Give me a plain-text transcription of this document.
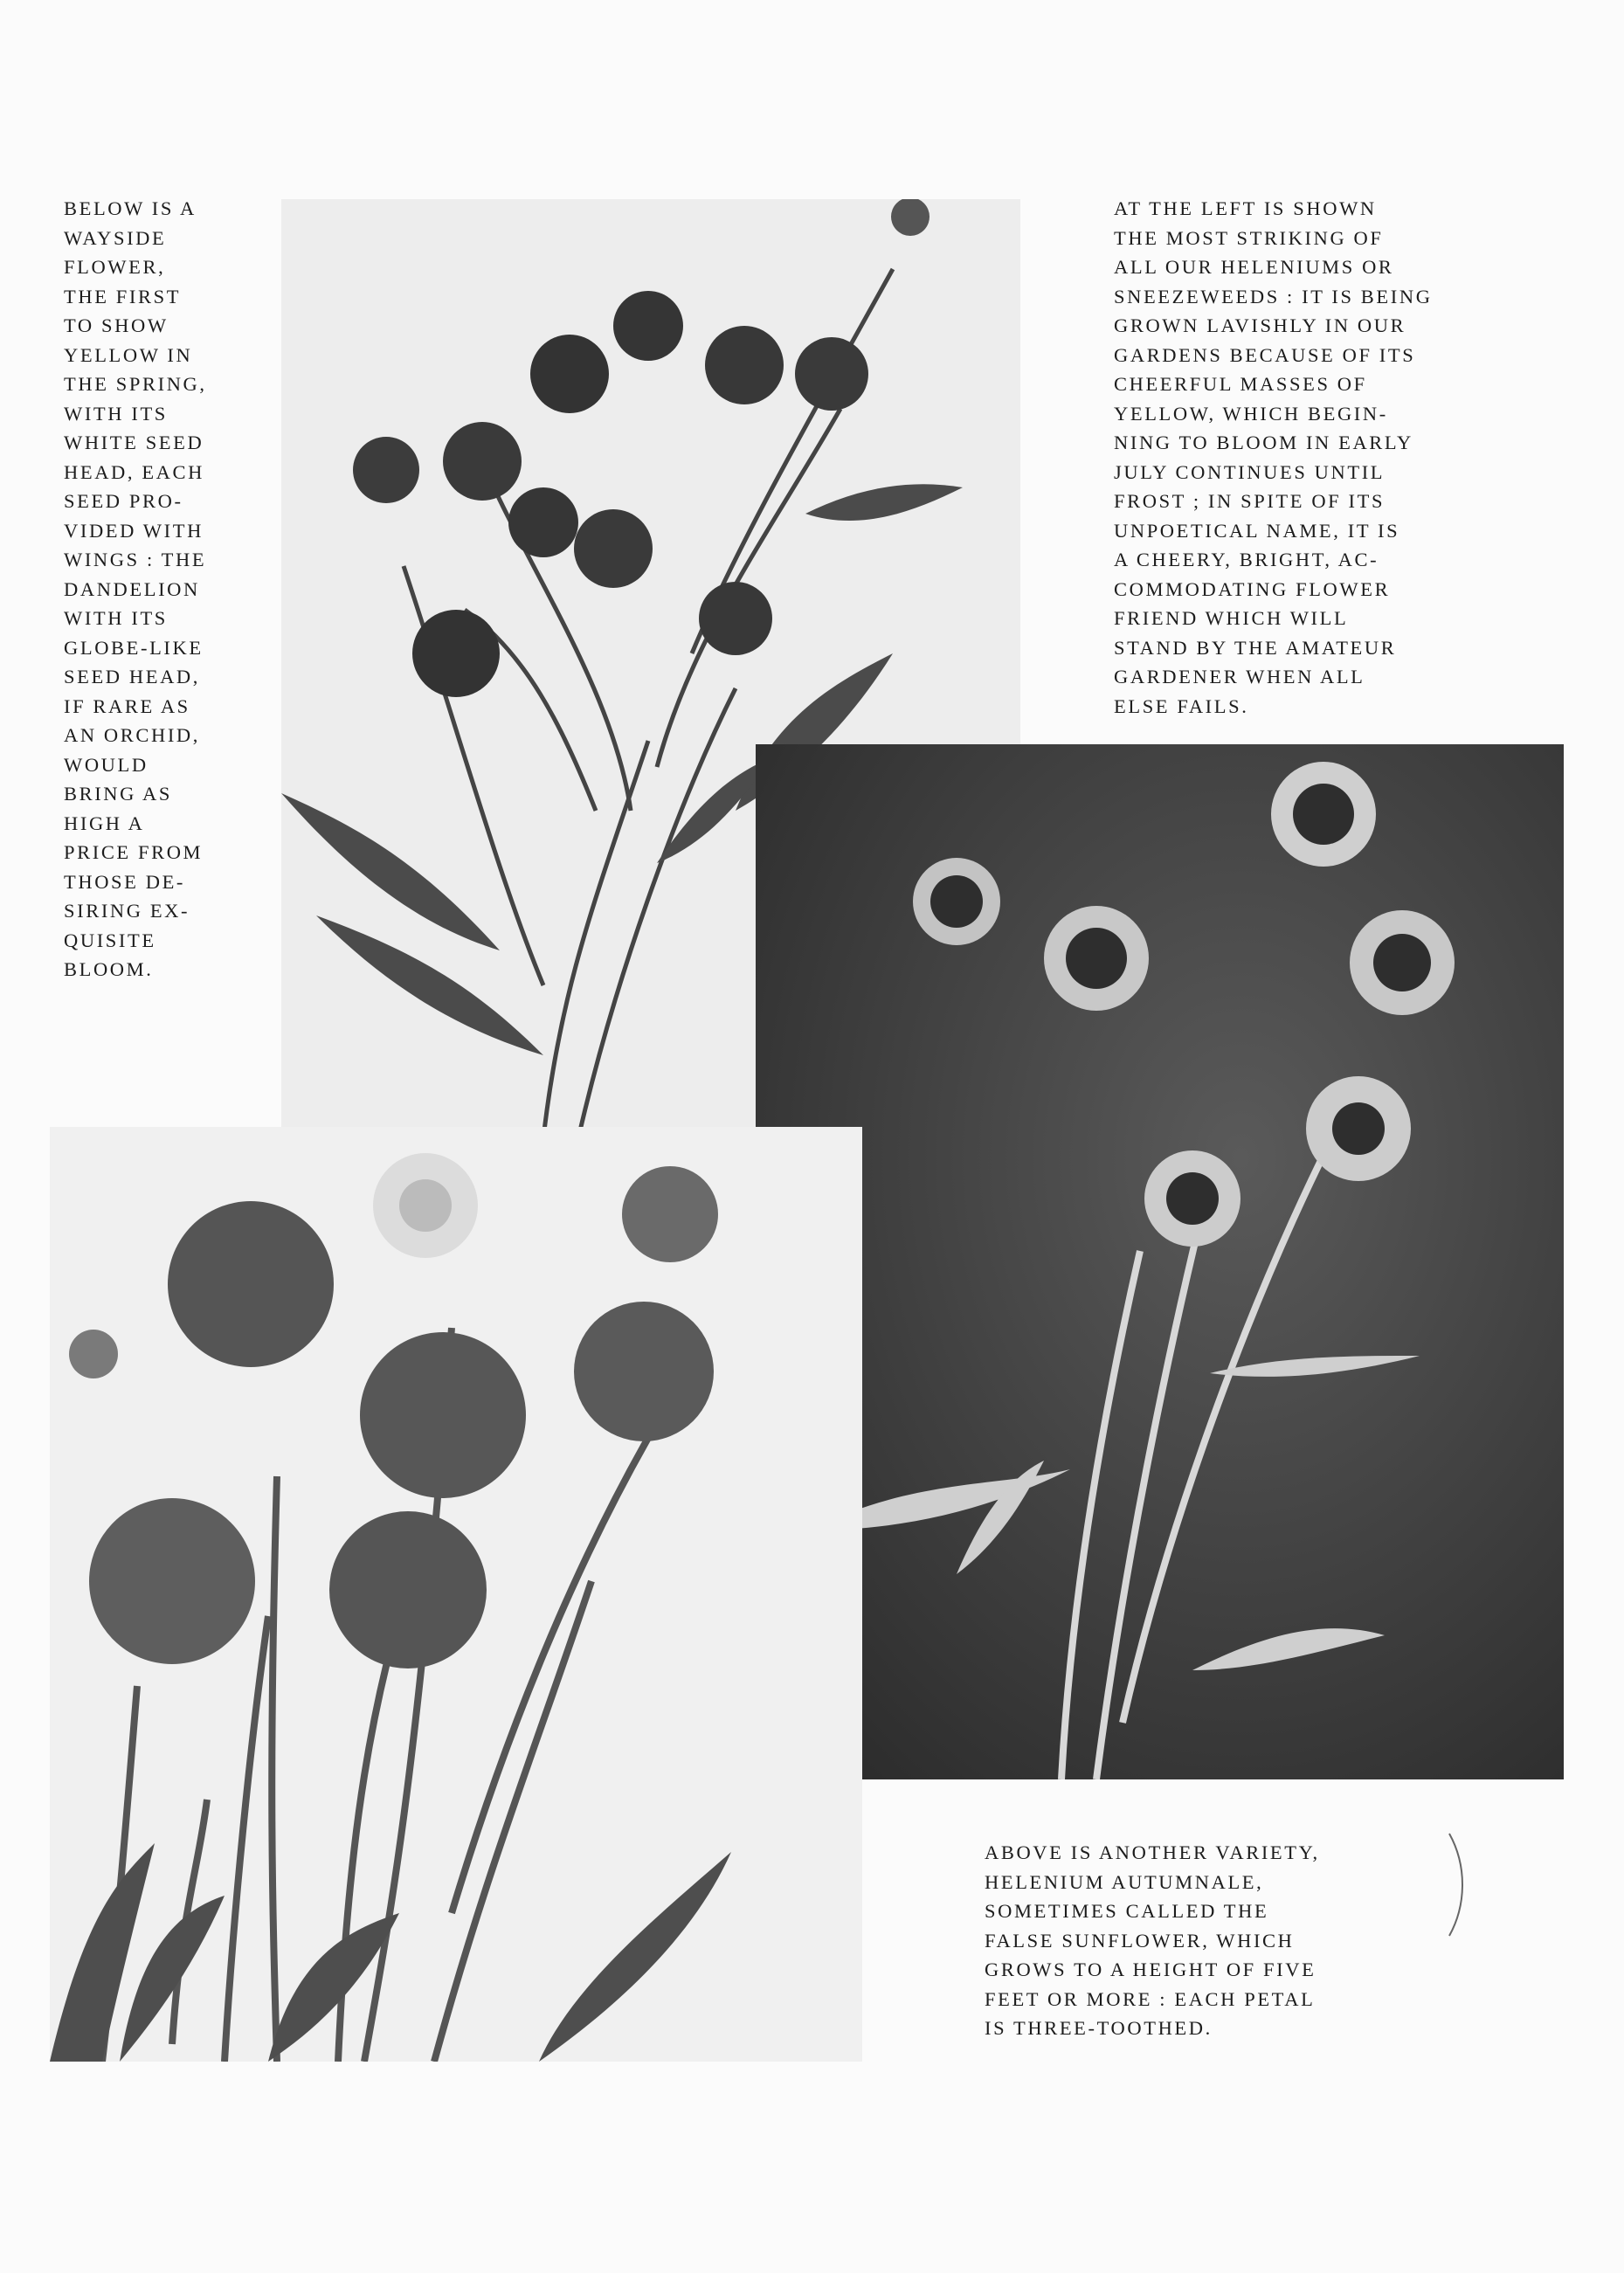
BELOW IS A
WAYSIDE
FLOWER,
THE FIRST
TO SHOW
YELLOW IN
THE SPRING,
WITH ITS
WHITE SEED
HEAD, EACH
SEED PRO-
VIDED WITH
WINGS : THE
DANDELION
WITH ITS
GLOBE-LIKE
SEED HEAD,
IF RARE AS
AN ORCHID,
WOULD
BRING AS
HIGH A
PRICE FROM
THOSE DE-
SIRING EX-
QUISITE
BLOOM.
AT THE LEFT IS SHOWN
THE MOST STRIKING OF
ALL OUR HELENIUMS OR
SNEEZEWEEDS : IT IS BEING
GROWN LAVISHLY IN OUR
GARDENS BECAUSE OF ITS
CHEERFUL MASSES OF
YELLOW, WHICH BEGIN-
NING TO BLOOM IN EARLY
JULY CONTINUES UNTIL
FROST ; IN SPITE OF ITS
UNPOETICAL NAME, IT IS
A CHEERY, BRIGHT, AC-
COMMODATING FLOWER
FRIEND WHICH WILL
STAND BY THE AMATEUR
GARDENER WHEN ALL
ELSE FAILS.
ABOVE IS ANOTHER VARIETY,
HELENIUM AUTUMNALE,
SOMETIMES CALLED THE
FALSE SUNFLOWER, WHICH
GROWS TO A HEIGHT OF FIVE
FEET OR MORE : EACH PETAL
IS THREE-TOOTHED.
